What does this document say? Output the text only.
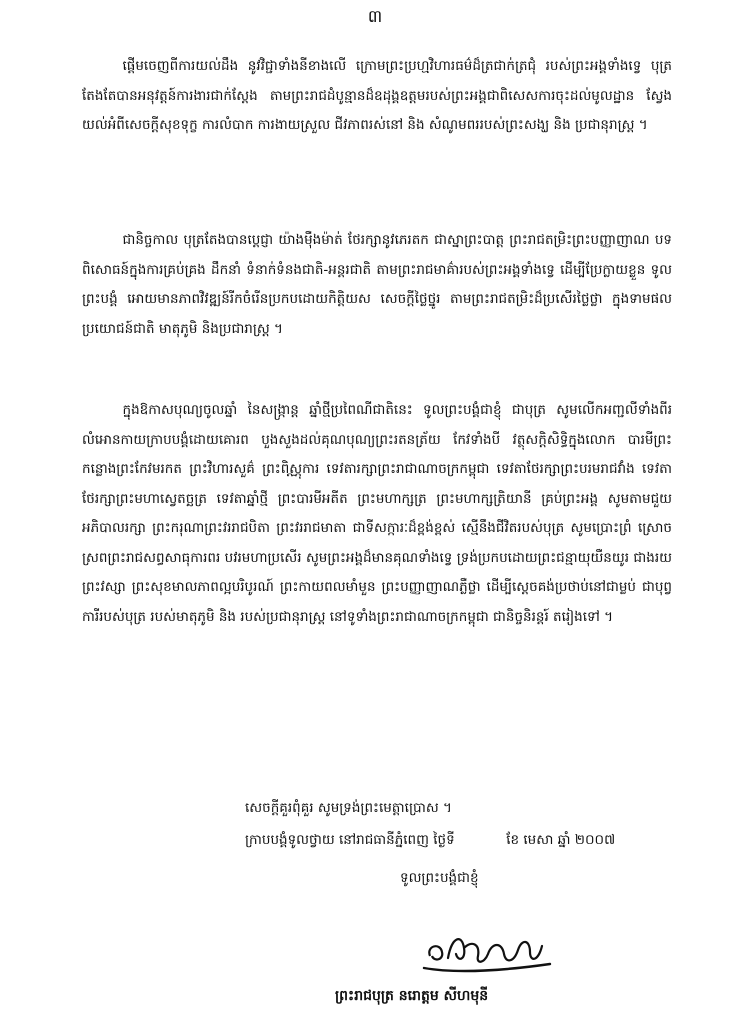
៣

ផ្ដើមចេញពីការយល់ដឹង នូវវិជ្ជាទាំងនីខាងលើ ក្រោមព្រះប្រហ្មវិហារធម៌ដ៏ត្រជាក់ត្រជុំ របស់ព្រះអង្គទាំងទ្វេ បុត្រតែងតែបានអនុវត្តន៍ការងារជាក់ស្ដែង តាមព្រះរាជដំបូន្មានដ៏ឧដុង្គឧត្ដមរបស់ព្រះអង្គជាពិសេសការចុះដល់មូលដ្ឋាន ស្វែងយល់អំពីសេចក្ដីសុខទុក្ខ ការលំបាក ការងាយស្រួល ជីវភាពរស់នៅ និង សំណូមពររបស់ព្រះសង្ឃ និង ប្រជានុរាស្ត្រ ។

ជានិច្ចកាល បុត្រតែងបានប្ដេជ្ញា យ៉ាងម៉ឺងម៉ាត់ ថែរក្សានូវភេរតក ជាស្នាព្រះបាត្ត ព្រះរាជតម្រិះព្រះបញ្ញាញាណ បទពិសោធន៍ក្នុងការគ្រប់គ្រង ដឹកនាំ ទំនាក់ទំនងជាតិ-អន្តរជាតិ តាមព្រះរាជមាគ៌ារបស់ព្រះអង្គទាំងទ្វេ ដើម្បីប្រែក្លាយខ្លួន ទូលព្រះបង្គំ អោយមានភាពវិវឌ្ឍន៍រីកចំរើនប្រកបដោយកិត្តិយស សេចក្ដីថ្លៃថ្នូរ តាមព្រះរាជតម្រិះដ៏ប្រសើរថ្លៃថ្លា ក្នុងទាមផលប្រយោជន៍ជាតិ មាតុភូមិ និងប្រជារាស្ត្រ ។

ក្នុងឱកាសបុណ្យចូលឆ្នាំ នៃសង្ក្រាន្ត ឆ្នាំថ្មីប្រពៃណីជាតិនេះ ទូលព្រះបង្គំជាខ្ញុំ ជាបុត្រ សូមលើកអញ្ជលីទាំងពីរ លំអោនកាយក្រាបបង្គំដោយគោរព បួងសួងដល់គុណបុណ្យព្រះរតនត្រ័យ កែវទាំងបី វត្ថុសក្ដិសិទ្ធិក្នុងលោក បារមីព្រះកន្លោងព្រះកែវមរកត ព្រះវិហារសួគ៌ ព្រះពិស្ណុការ ទេវតារក្សាព្រះរាជាណាចក្រកម្ពុជា ទេវតាថែរក្សាព្រះបរមរាជវាំង ទេវតាថែរក្សាព្រះមហាស្វេតច្ឆត្រ ទេវតាឆ្នាំថ្មី ព្រះបារមីអតីត ព្រះមហាក្សត្រ ព្រះមហាក្សត្រិយានី គ្រប់ព្រះអង្គ សូមតាមជួយអភិបាលរក្សា ព្រះករុណាព្រះវររាជបិតា ព្រះវររាជមាតា ជាទីសក្ការៈដ៏ខ្ពង់ខ្ពស់ ស្មើនឹងជីវិតរបស់បុត្រ សូមប្រោះព្រំ ស្រោចស្រពព្រះរាជសព្ធសាធុការពរ បវរមហាប្រសើរ សូមព្រះអង្គដ៏មានគុណទាំងទ្វេ ទ្រង់ប្រកបដោយព្រះជន្មាយុយឺនយូរ ជាងរយព្រះវស្សា ព្រះសុខមាលភាពល្អបរិបូរណ៍ ព្រះកាយពលមាំមួន ព្រះបញ្ញាញាណភ្លឺថ្លា ដើម្បីស្ដេចគង់ប្រថាប់នៅជាម្លប់ ជាបុព្វការីរបស់បុត្រ របស់មាតុភូមិ និង របស់ប្រជានុរាស្ត្រ នៅទូទាំងព្រះរាជាណាចក្រកម្ពុជា ជានិច្ចនិរន្តរ៍ តរៀងទៅ ។

សេចក្ដីគួរពុំគួរ សូមទ្រង់ព្រះមេត្តាប្រោស ។
ក្រាបបង្គំទូលថ្វាយ នៅរាជធានីភ្នំពេញ ថ្ងៃទី            ខែ មេសា ឆ្នាំ ២០០៧
ទូលព្រះបង្គំជាខ្ញុំ
ព្រះរាជបុត្រ នរោត្តម សីហមុនី
